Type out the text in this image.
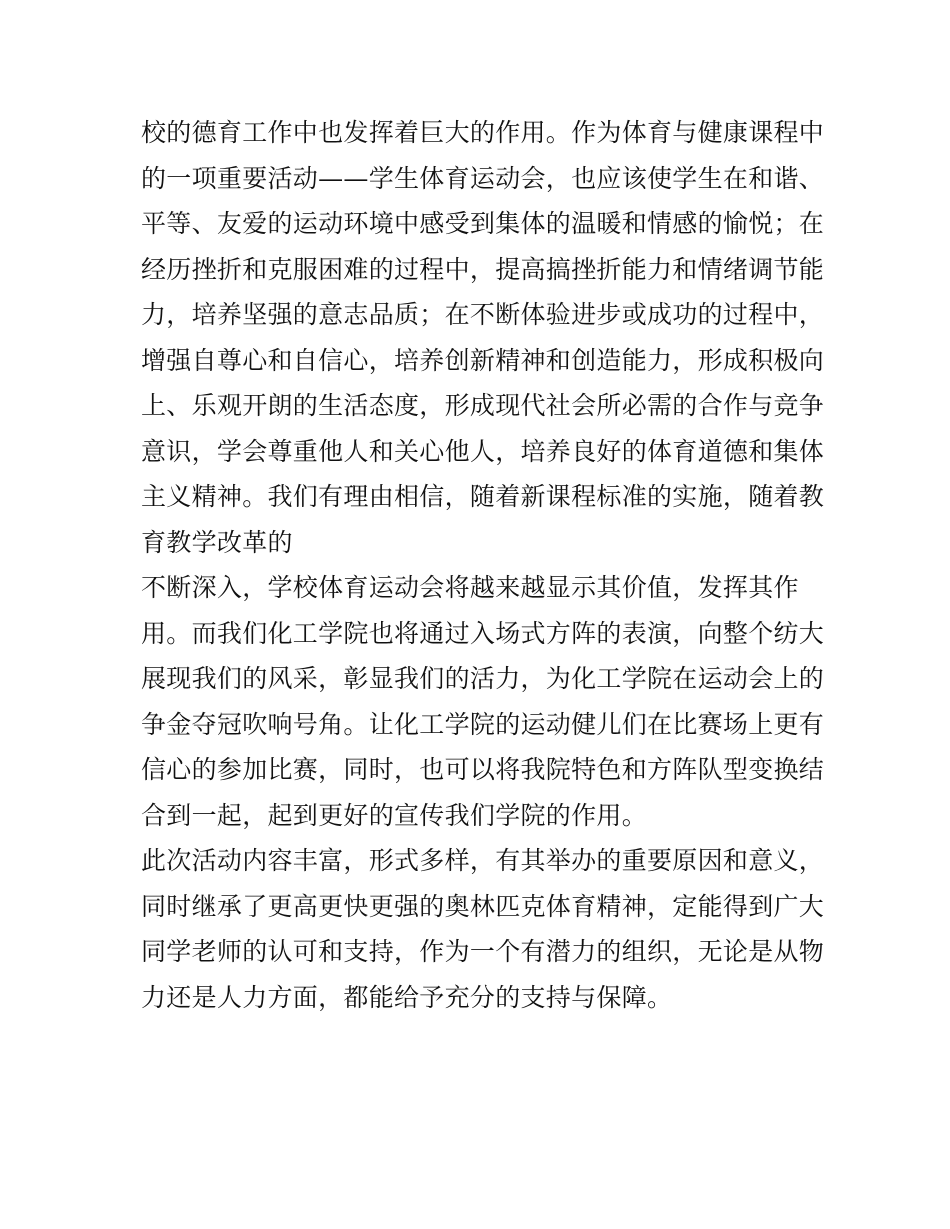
校的德育工作中也发挥着巨大的作用。作为体育与健康课程中
的一项重要活动——学生体育运动会，也应该使学生在和谐、
平等、友爱的运动环境中感受到集体的温暖和情感的愉悦；在
经历挫折和克服困难的过程中，提高搞挫折能力和情绪调节能
力，培养坚强的意志品质；在不断体验进步或成功的过程中，
增强自尊心和自信心，培养创新精神和创造能力，形成积极向
上、乐观开朗的生活态度，形成现代社会所必需的合作与竞争
意识，学会尊重他人和关心他人，培养良好的体育道德和集体
主义精神。我们有理由相信，随着新课程标准的实施，随着教
育教学改革的
不断深入，学校体育运动会将越来越显示其价值，发挥其作
用。而我们化工学院也将通过入场式方阵的表演，向整个纺大
展现我们的风采，彰显我们的活力，为化工学院在运动会上的
争金夺冠吹响号角。让化工学院的运动健儿们在比赛场上更有
信心的参加比赛，同时，也可以将我院特色和方阵队型变换结
合到一起，起到更好的宣传我们学院的作用。
此次活动内容丰富，形式多样，有其举办的重要原因和意义，
同时继承了更高更快更强的奥林匹克体育精神，定能得到广大
同学老师的认可和支持，作为一个有潜力的组织，无论是从物
力还是人力方面，都能给予充分的支持与保障。
